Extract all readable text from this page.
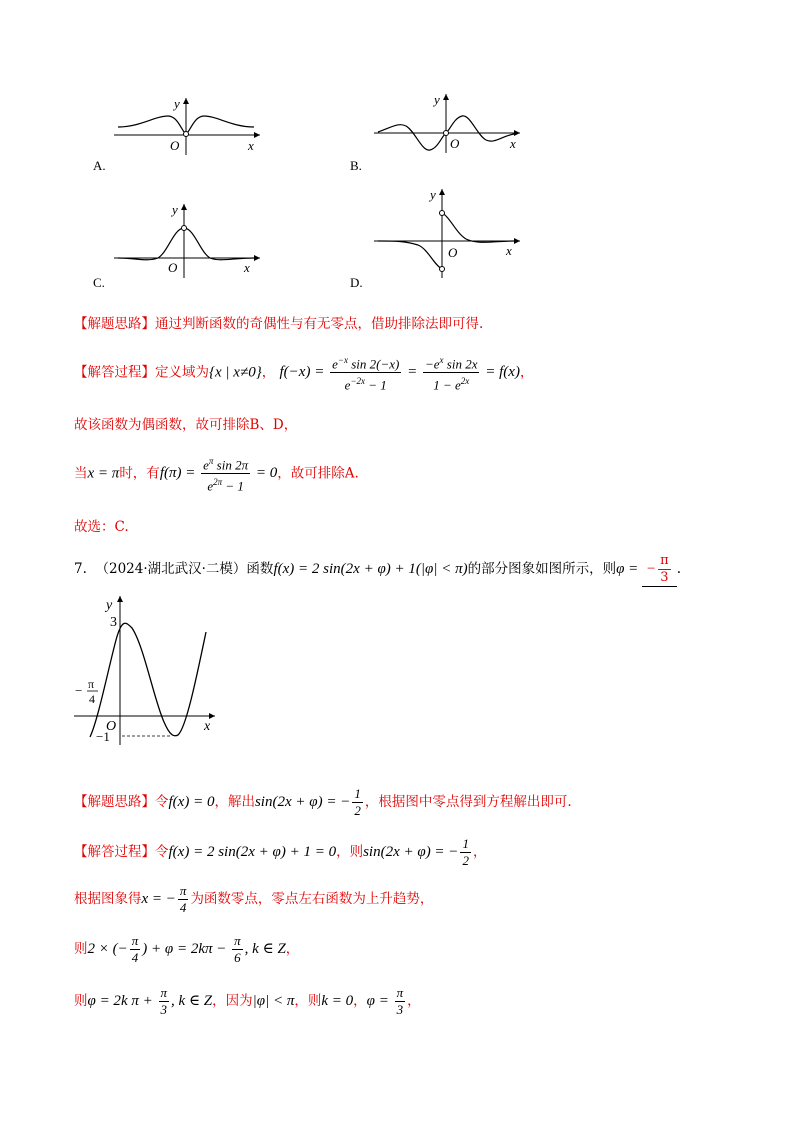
y
O	x
A.
y
O	x
B.
y
O	x
C.
y
O	x
D.
【解题思路】通过判断函数的奇偶性与有无零点，借助排除法即可得.
【解答过程】定义域为{x | x≠0}， $f(-x) = \frac{e^{-x} \sin 2(-x)}{e^{-2x} - 1} = \frac{-e^x \sin 2x}{1 - e^{2x}} = f(x)$，
故该函数为偶函数，故可排除B、D，
当x = π时，有$f(\pi) = \frac{e^\pi \sin 2\pi}{e^{2\pi} - 1} = 0$，故可排除A.
故选：C.
7. （2024·湖北武汉·二模）函数f(x) = 2 sin(2x + φ) + 1(|φ| < π)的部分图象如图所示，则φ = − $\frac{\pi}{3}$ .
3
−1
− π
4
y
O	x
【解题思路】令f(x) = 0，解出sin(2x + φ) = − $\frac{1}{2}$ ，根据图中零点得到方程解出即可.
【解答过程】令f(x) = 2 sin(2x + φ) + 1 = 0，则sin(2x + φ) = − $\frac{1}{2}$ ，
根据图象得x = − $\frac{\pi}{4}$ 为函数零点，零点左右函数为上升趋势，
则2 × (− $\frac{\pi}{4}$ ) + $\varphi = 2k\pi - \frac{\pi}{6}$ , k ∈ Z，
则φ = 2k $\pi + \frac{\pi}{3}$ , k ∈ Z，因为|φ| < π，则k = 0，$\varphi = \frac{\pi}{3}$ ，
